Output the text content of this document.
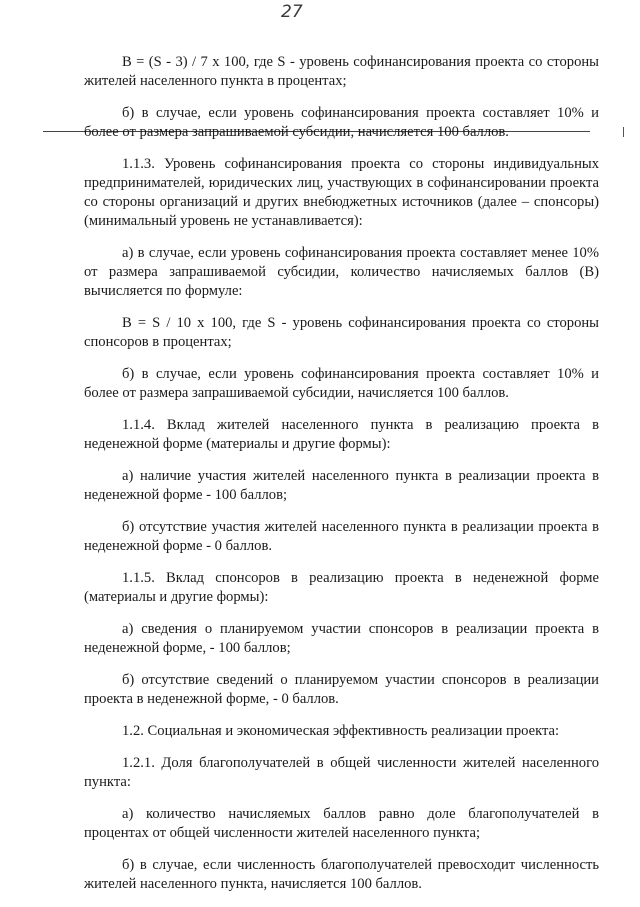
27

B = (S - 3) / 7 x 100, где S - уровень софинансирования проекта со стороны жителей населенного пункта в процентах;

б) в случае, если уровень софинансирования проекта составляет 10% и более от размера запрашиваемой субсидии, начисляется 100 баллов.

1.1.3. Уровень софинансирования проекта со стороны индивидуальных предпринимателей, юридических лиц, участвующих в софинансировании проекта со стороны организаций и других внебюджетных источников (далее – спонсоры) (минимальный уровень не устанавливается):

а) в случае, если уровень софинансирования проекта составляет менее 10% от размера запрашиваемой субсидии, количество начисляемых баллов (B) вычисляется по формуле:

B = S / 10 x 100, где S - уровень софинансирования проекта со стороны спонсоров в процентах;

б) в случае, если уровень софинансирования проекта составляет 10% и более от размера запрашиваемой субсидии, начисляется 100 баллов.

1.1.4. Вклад жителей населенного пункта в реализацию проекта в неденежной форме (материалы и другие формы):

а) наличие участия жителей населенного пункта в реализации проекта в неденежной форме - 100 баллов;

б) отсутствие участия жителей населенного пункта в реализации проекта в неденежной форме - 0 баллов.

1.1.5. Вклад спонсоров в реализацию проекта в неденежной форме (материалы и другие формы):

а) сведения о планируемом участии спонсоров в реализации проекта в неденежной форме, - 100 баллов;

б) отсутствие сведений о планируемом участии спонсоров в реализации проекта в неденежной форме, - 0 баллов.

1.2. Социальная и экономическая эффективность реализации проекта:

1.2.1. Доля благополучателей в общей численности жителей населенного пункта:

а) количество начисляемых баллов равно доле благополучателей в процентах от общей численности жителей населенного пункта;

б) в случае, если численность благополучателей превосходит численность жителей населенного пункта, начисляется 100 баллов.
